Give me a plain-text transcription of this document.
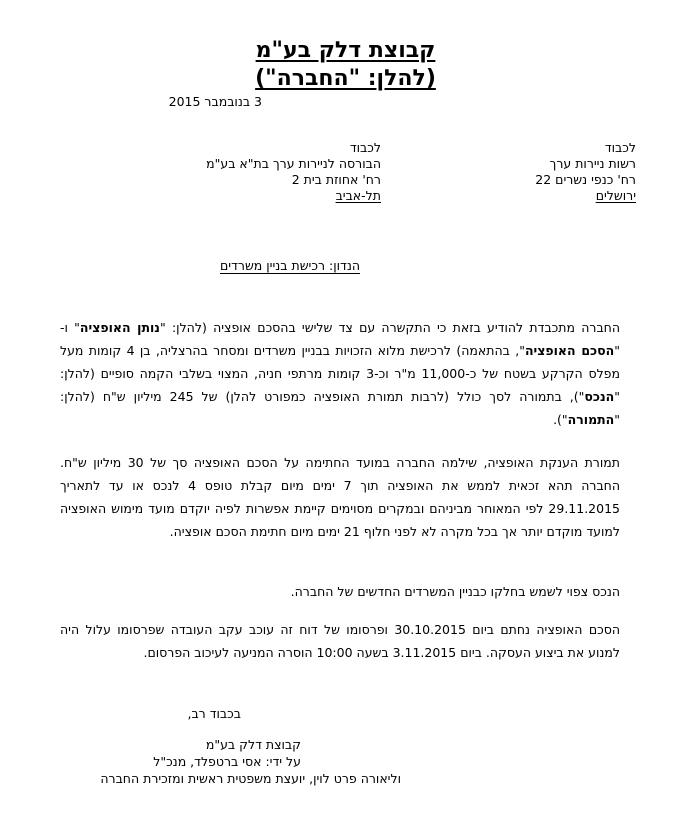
קבוצת דלק בע"מ
(להלן: "החברה")
3 בנובמבר 2015
לכבוד
רשות ניירות ערך
רח' כנפי נשרים 22
ירושלים
לכבוד
הבורסה לניירות ערך בת"א בע"מ
רח' אחוזת בית 2
תל-אביב
הנדון: רכישת בניין משרדים
החברה מתכבדת להודיע בזאת כי התקשרה עם צד שלישי בהסכם אופציה (להלן: "נותן האופציה" ו- "הסכם האופציה", בהתאמה) לרכישת מלוא הזכויות בבניין משרדים ומסחר בהרצליה, בן 4 קומות מעל מפלס הקרקע בשטח של כ-11,000 מ"ר וכ-3 קומות מרתפי חניה, המצוי בשלבי הקמה סופיים (להלן: "הנכס"), בתמורה לסך כולל (לרבות תמורת האופציה כמפורט להלן) של 245 מיליון ש"ח (להלן: "התמורה").
תמורת הענקת האופציה, שילמה החברה במועד החתימה על הסכם האופציה סך של 30 מיליון ש"ח. החברה תהא זכאית לממש את האופציה תוך 7 ימים מיום קבלת טופס 4 לנכס או עד לתאריך 29.11.2015 לפי המאוחר מביניהם ובמקרים מסוימים קיימת אפשרות לפיה יוקדם מועד מימוש האופציה למועד מוקדם יותר אך בכל מקרה לא לפני חלוף 21 ימים מיום חתימת הסכם אופציה.
הנכס צפוי לשמש בחלקו כבניין המשרדים החדשים של החברה.
הסכם האופציה נחתם ביום 30.10.2015 ופרסומו של דוח זה עוכב עקב העובדה שפרסומו עלול היה למנוע את ביצוע העסקה. ביום 3.11.2015 בשעה 10:00 הוסרה המניעה לעיכוב הפרסום.
בכבוד רב,
קבוצת דלק בע"מ
על ידי: אסי ברטפלד, מנכ"ל
וליאורה פרט לוין, יועצת משפטית ראשית ומזכירת החברה
